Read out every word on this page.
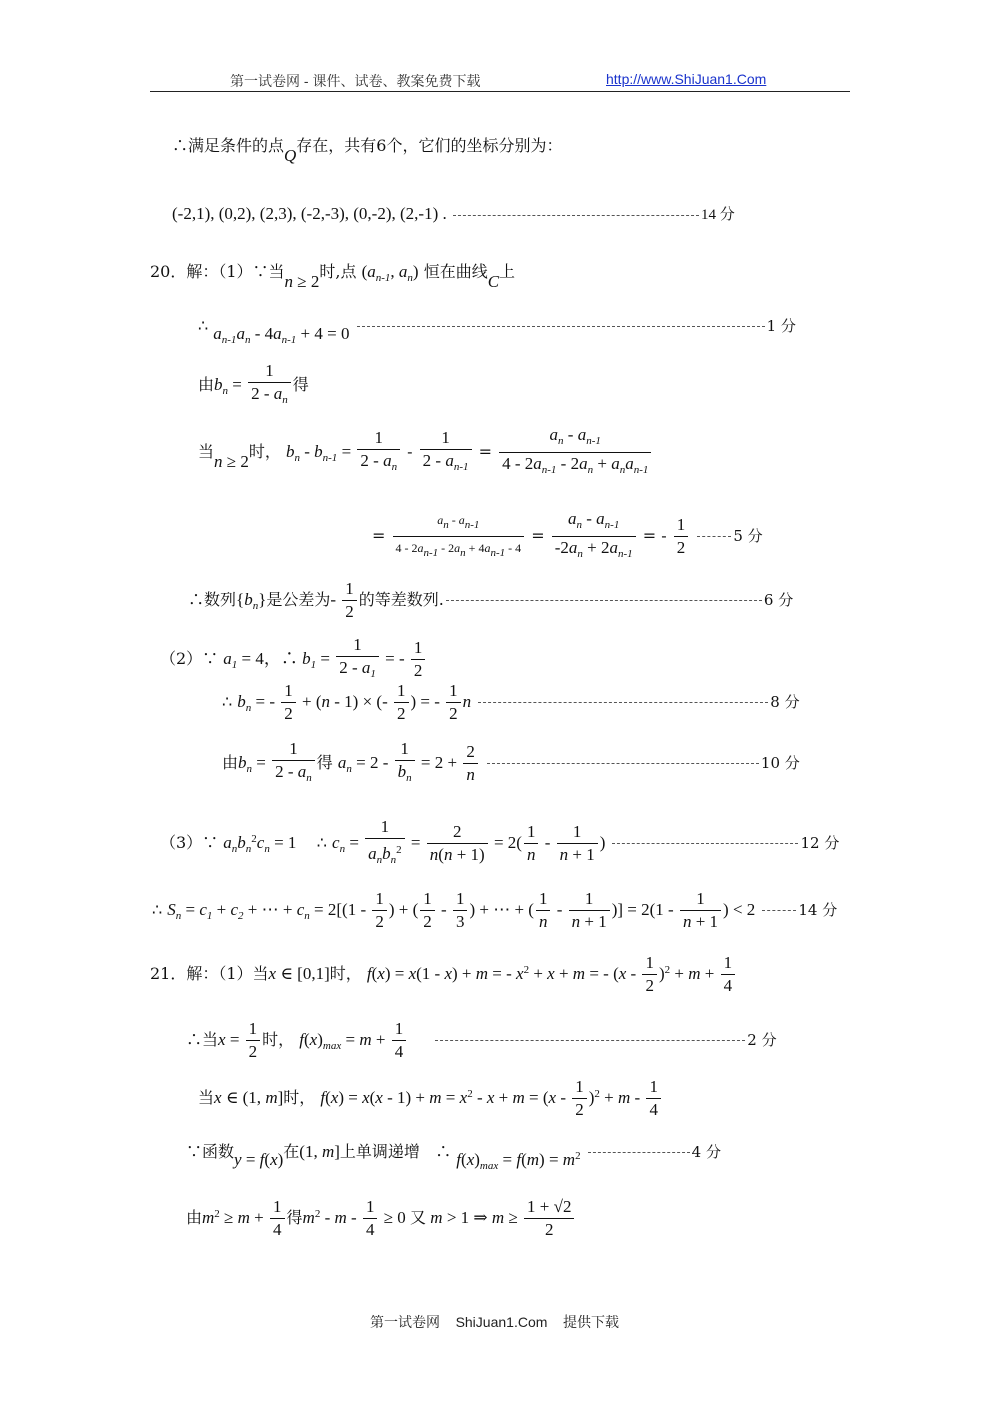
第一试卷网 - 课件、试卷、教案免费下载	http://www.ShiJuan1.Com
∴满足条件的点Q存在，共有6个，它们的坐标分别为：
(-2,1), (0,2), (2,3), (-2,-3), (0,-2), (2,-1) .	14 分
20．解：（1）∵当n ≥ 2时,点 ($a_{n-1}$, $a_n$) 恒在曲线C上
∴ $a_{n-1}a_n - 4a_{n-1} + 4 = 0$	1 分
由$b_n = \frac{1}{2 - a_n}$ 得
当n ≥ 2时， $b_n - b_{n-1} = \frac{1}{2 - a_n} - \frac{1}{2 - a_{n-1}} = \frac{a_n - a_{n-1}}{4 - 2a_{n-1} - 2a_n + a_na_{n-1}}$
= $\frac{a_n - a_{n-1}}{4 - 2a_{n-1} - 2a_n + 4a_{n-1} - 4} = \frac{a_n - a_{n-1}}{-2a_n + 2a_{n-1}}$ = - $\frac{1}{2}$	5 分
∴数列$\{b_n\}$是公差为- $\frac{1}{2}$ 的等差数列.	6 分
（2）∵ $a_1 = 4$，∴ $b_1 = \frac{1}{2 - a_1}$ = - $\frac{1}{2}$
∴ $b_n$ = - $\frac{1}{2} + (n - 1)$ × (- $\frac{1}{2}$ ) = - $\frac{1}{2}$ n	8 分
由$b_n = \frac{1}{2 - a_n}$ 得 $a_n = 2 - \frac{1}{b_n} = 2 + \frac{2}{n}$	10 分
（3）∵ $a_nb_n^2c_n = 1$    ∴ $c_n = \frac{1}{a_nb_n^2} = \frac{2}{n(n + 1)} = 2( \frac{1}{n} - \frac{1}{n + 1}$ )	12 分
∴ $S_n = c_1 + c_2$ + ⋯ + $c_n = 2[(1 - \frac{1}{2}$ ) + ( $\frac{1}{2} - \frac{1}{3}$ ) + ⋯ + ( $\frac{1}{n} - \frac{1}{n + 1}$ )] = $2(1 - \frac{1}{n + 1}$ ) < 2	14 分
21．解：（1）当x ∈ [0,1]时， f(x) = x(1 - x) + m = - $x^2 + x + m$ = - $(x - \frac{1}{2} )^2 + m + \frac{1}{4}$
∴当$x = \frac{1}{2}$ 时， $f(x)_{max} = m + \frac{1}{4}$	2 分
当x ∈ (1, m]时， $f(x) = x(x - 1) + m = x^2 - x + m = (x - \frac{1}{2} )^2 + m - \frac{1}{4}$
∵函数y = f(x)在(1, m]上单调递增   ∴ $f(x)_{max} = f(m) = m^2$	4 分
由$m^2 \ge m + \frac{1}{4}$ 得$m^2 - m - \frac{1}{4} \ge 0$ 又 m > 1 ⇒ $m \ge \frac{1 + √2}{2}$
第一试卷网 ShiJuan1.Com 提供下载
